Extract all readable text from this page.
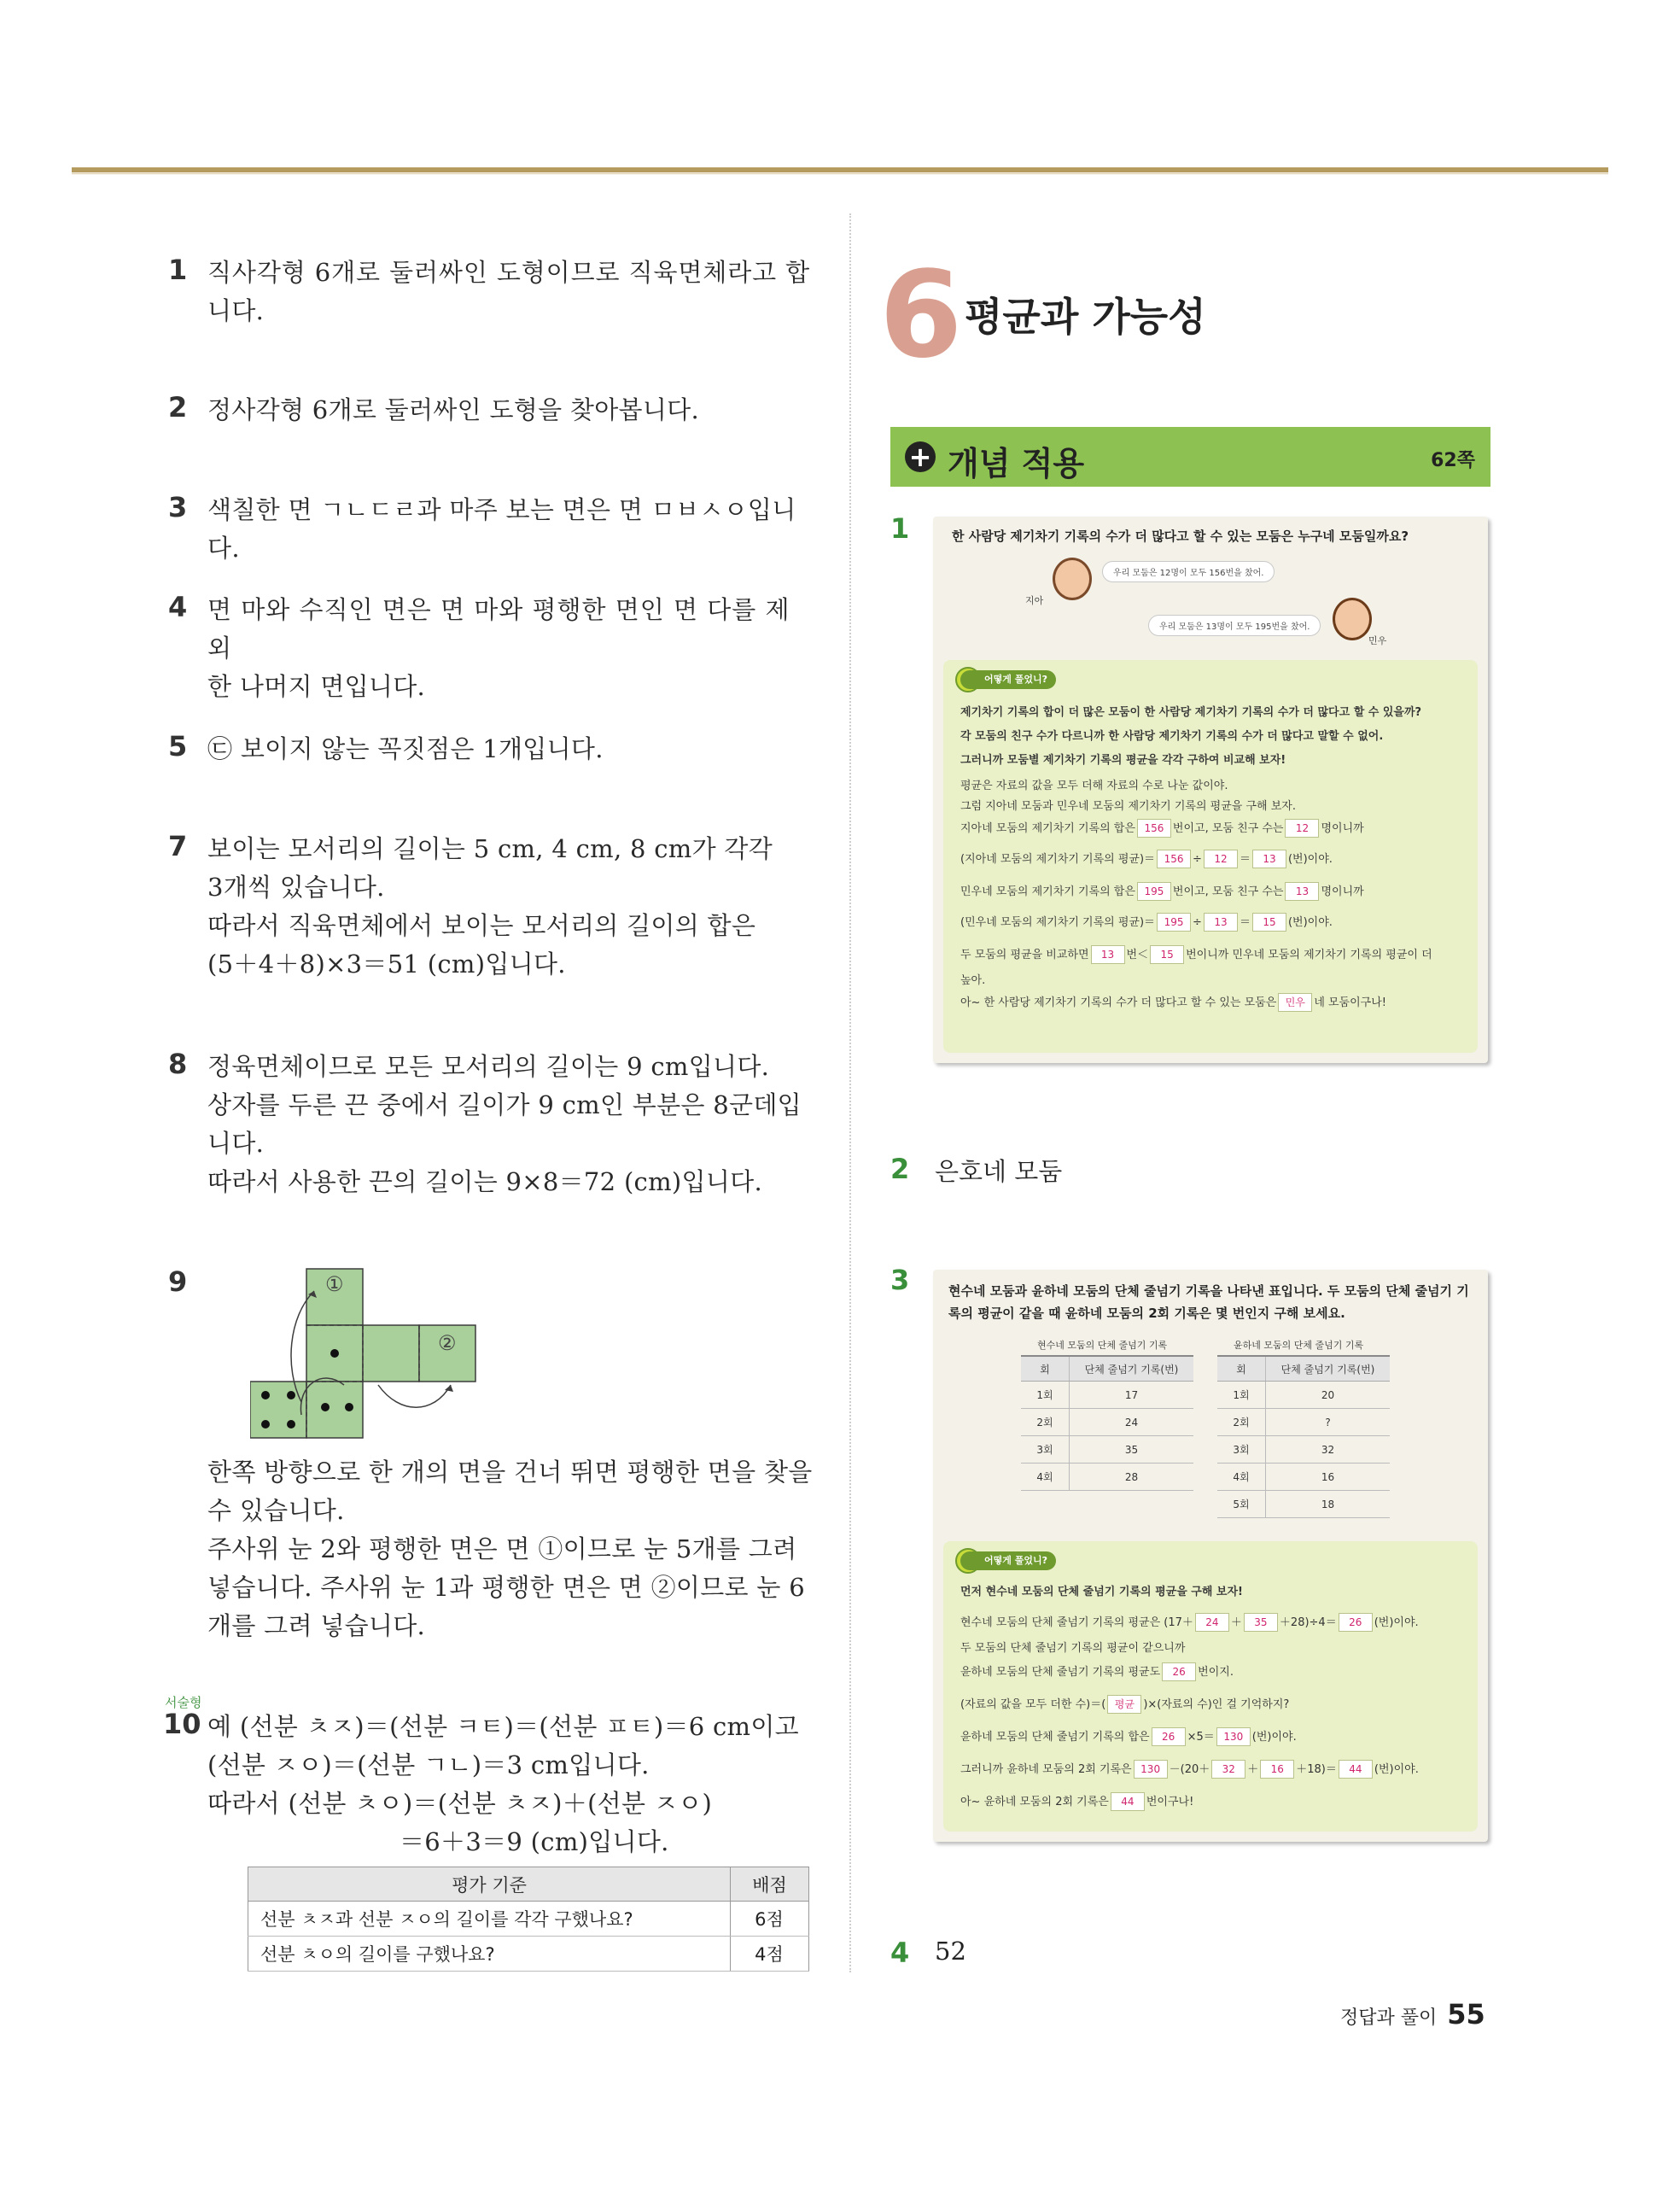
1 직사각형 6개로 둘러싸인 도형이므로 직육면체라고 합

니다.

2 정사각형 6개로 둘러싸인 도형을 찾아봅니다.

3 색칠한 면 ㄱㄴㄷㄹ과 마주 보는 면은 면 ㅁㅂㅅㅇ입니다.

4 면 마와 수직인 면은 면 마와 평행한 면인 면 다를 제외

한 나머지 면입니다.

5 ㉢ 보이지 않는 꼭짓점은 1개입니다.

7 보이는 모서리의 길이는 5 cm, 4 cm, 8 cm가 각각

3개씩 있습니다.

따라서 직육면체에서 보이는 모서리의 길이의 합은

(5＋4＋8)×3＝51 (cm)입니다.

8 정육면체이므로 모든 모서리의 길이는 9 cm입니다.

상자를 두른 끈 중에서 길이가 9 cm인 부분은 8군데입

니다.

따라서 사용한 끈의 길이는 9×8＝72 (cm)입니다.

9	①
②

한쪽 방향으로 한 개의 면을 건너 뛰면 평행한 면을 찾을

수 있습니다.

주사위 눈 2와 평행한 면은 면 ①이므로 눈 5개를 그려

넣습니다. 주사위 눈 1과 평행한 면은 면 ②이므로 눈 6

개를 그려 넣습니다.

서술형
10 예 (선분 ㅊㅈ)＝(선분 ㅋㅌ)＝(선분 ㅍㅌ)＝6 cm이고

(선분 ㅈㅇ)＝(선분 ㄱㄴ)＝3 cm입니다.

따라서 (선분 ㅊㅇ)＝(선분 ㅊㅈ)＋(선분 ㅈㅇ)

＝6＋3＝9 (cm)입니다.

평가 기준	배점
선분 ㅊㅈ과 선분 ㅈㅇ의 길이를 각각 구했나요?	6점
선분 ㅊㅇ의 길이를 구했나요?	4점
6 평균과 가능성
+ 개념 적용	62쪽
1	한 사람당 제기차기 기록의 수가 더 많다고 할 수 있는 모둠은 누구네 모둠일까요?
지아
우리 모둠은 12명이 모두 156번을 찼어.
우리 모둠은 13명이 모두 195번을 찼어.
민우
어떻게 풀었니?
제기차기 기록의 합이 더 많은 모둠이 한 사람당 제기차기 기록의 수가 더 많다고 할 수 있을까?
각 모둠의 친구 수가 다르니까 한 사람당 제기차기 기록의 수가 더 많다고 말할 수 없어.
그러니까 모둠별 제기차기 기록의 평균을 각각 구하여 비교해 보자!
평균은 자료의 값을 모두 더해 자료의 수로 나눈 값이야.
그럼 지아네 모둠과 민우네 모둠의 제기차기 기록의 평균을 구해 보자.
지아네 모둠의 제기차기 기록의 합은 156 번이고, 모둠 친구 수는 12 명이니까
(지아네 모둠의 제기차기 기록의 평균)＝ 156 ÷ 12 ＝ 13 (번)이야.
민우네 모둠의 제기차기 기록의 합은 195 번이고, 모둠 친구 수는 13 명이니까
(민우네 모둠의 제기차기 기록의 평균)＝ 195 ÷ 13 ＝ 15 (번)이야.
두 모둠의 평균을 비교하면 13 번＜ 15 번이니까 민우네 모둠의 제기차기 기록의 평균이 더
높아.
아~ 한 사람당 제기차기 기록의 수가 더 많다고 할 수 있는 모둠은 민우 네 모둠이구나!
2 은호네 모둠
3	현수네 모둠과 윤하네 모둠의 단체 줄넘기 기록을 나타낸 표입니다. 두 모둠의 단체 줄넘기 기
록의 평균이 같을 때 윤하네 모둠의 2회 기록은 몇 번인지 구해 보세요.
현수네 모둠의 단체 줄넘기 기록	윤하네 모둠의 단체 줄넘기 기록
회	단체 줄넘기 기록(번)
1회	17
2회	24
3회	35
4회	28
회	단체 줄넘기 기록(번)
1회	20
2회	?
3회	32
4회	16
5회	18
어떻게 풀었니?
먼저 현수네 모둠의 단체 줄넘기 기록의 평균을 구해 보자!
현수네 모둠의 단체 줄넘기 기록의 평균은 (17＋ 24 ＋ 35 ＋28)÷4＝ 26 (번)이야.
두 모둠의 단체 줄넘기 기록의 평균이 같으니까
윤하네 모둠의 단체 줄넘기 기록의 평균도 26 번이지.
(자료의 값을 모두 더한 수)＝( 평균 )×(자료의 수)인 걸 기억하지?
윤하네 모둠의 단체 줄넘기 기록의 합은 26 ×5＝ 130 (번)이야.
그러니까 윤하네 모둠의 2회 기록은 130 －(20＋ 32 ＋ 16 ＋18)＝ 44 (번)이야.
아~ 윤하네 모둠의 2회 기록은 44 번이구나!
4 52
정답과 풀이 55
